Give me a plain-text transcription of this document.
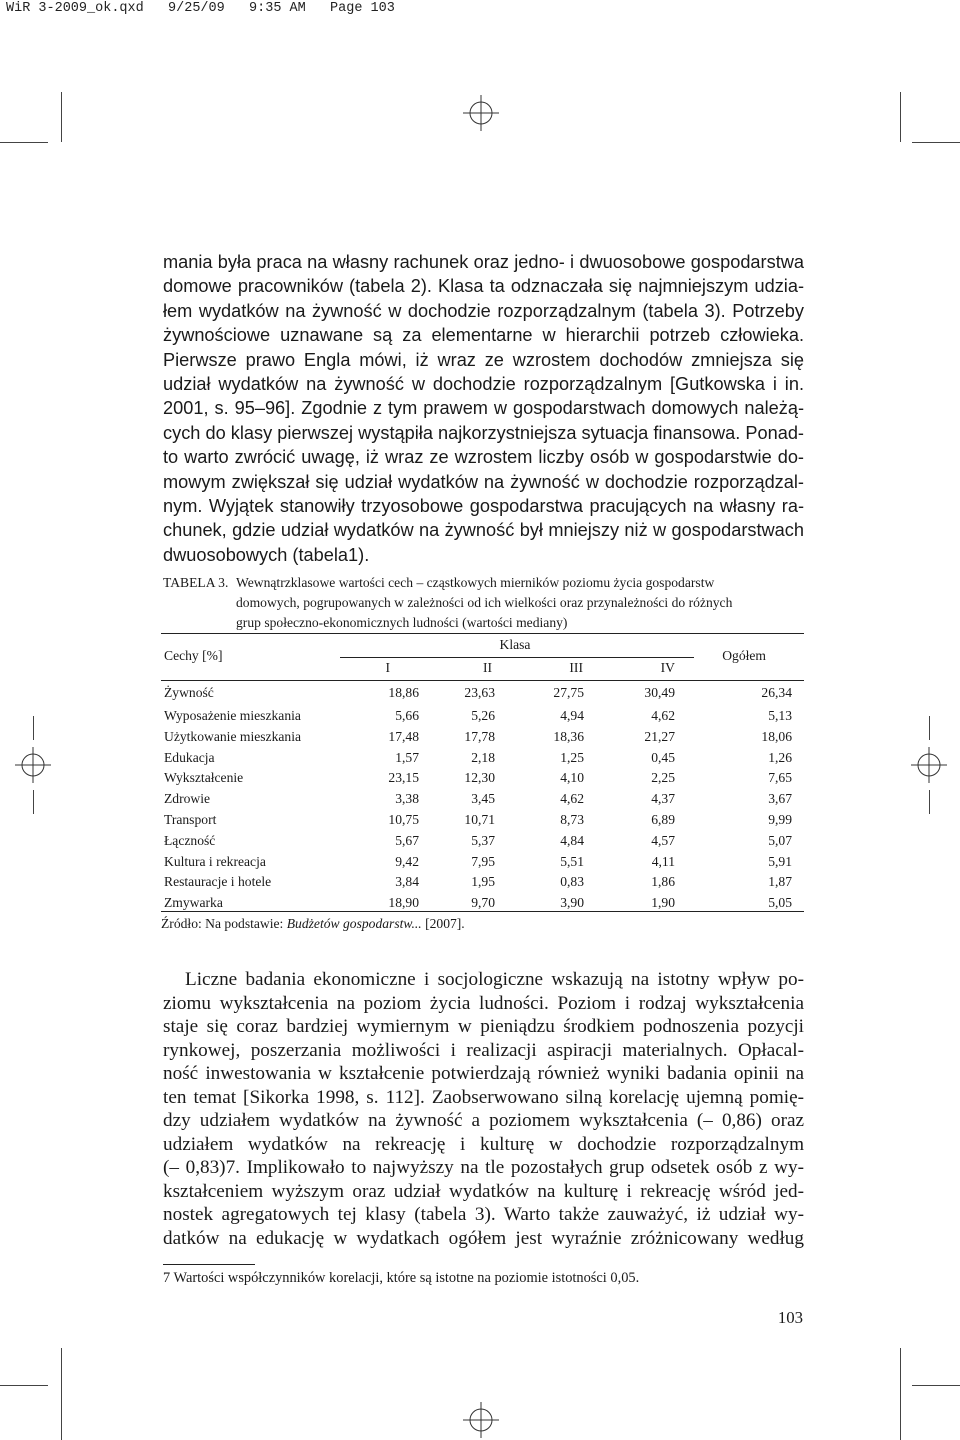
WiR 3-2009_ok.qxd   9/25/09   9:35 AM   Page 103
mania była praca na własny rachunek oraz jedno- i dwuosobowe gospodarstwa
domowe pracowników (tabela 2). Klasa ta odznaczała się najmniejszym udzia-
łem wydatków na żywność w dochodzie rozporządzalnym (tabela 3). Potrzeby
żywnościowe uznawane są za elementarne w hierarchii potrzeb człowieka.
Pierwsze prawo Engla mówi, iż wraz ze wzrostem dochodów zmniejsza się
udział wydatków na żywność w dochodzie rozporządzalnym [Gutkowska i in.
2001, s. 95–96]. Zgodnie z tym prawem w gospodarstwach domowych należą-
cych do klasy pierwszej wystąpiła najkorzystniejsza sytuacja finansowa. Ponad-
to warto zwrócić uwagę, iż wraz ze wzrostem liczby osób w gospodarstwie do-
mowym zwiększał się udział wydatków na żywność w dochodzie rozporządzal-
nym. Wyjątek stanowiły trzyosobowe gospodarstwa pracujących na własny ra-
chunek, gdzie udział wydatków na żywność był mniejszy niż w gospodarstwach
dwuosobowych (tabela1).
TABELA 3. Wewnątrzklasowe wartości cech – cząstkowych mierników poziomu życia gospodarstw
domowych, pogrupowanych w zależności od ich wielkości oraz przynależności do różnych
grup społeczno-ekonomicznych ludności (wartości mediany)
Cechy [%]	Klasa				Ogółem
	I	II	III	IV	
Żywność	18,86	23,63	27,75	30,49	26,34
Wyposażenie mieszkania	5,66	5,26	4,94	4,62	5,13
Użytkowanie mieszkania	17,48	17,78	18,36	21,27	18,06
Edukacja	1,57	2,18	1,25	0,45	1,26
Wykształcenie	23,15	12,30	4,10	2,25	7,65
Zdrowie	3,38	3,45	4,62	4,37	3,67
Transport	10,75	10,71	8,73	6,89	9,99
Łączność	5,67	5,37	4,84	4,57	5,07
Kultura i rekreacja	9,42	7,95	5,51	4,11	5,91
Restauracje i hotele	3,84	1,95	0,83	1,86	1,87
Zmywarka	18,90	9,70	3,90	1,90	5,05
Źródło: Na podstawie: Budżetów gospodarstw... [2007].
Liczne badania ekonomiczne i socjologiczne wskazują na istotny wpływ po-
ziomu wykształcenia na poziom życia ludności. Poziom i rodzaj wykształcenia
staje się coraz bardziej wymiernym w pieniądzu środkiem podnoszenia pozycji
rynkowej, poszerzania możliwości i realizacji aspiracji materialnych. Opłacal-
ność inwestowania w kształcenie potwierdzają również wyniki badania opinii na
ten temat [Sikorka 1998, s. 112]. Zaobserwowano silną korelację ujemną pomię-
dzy udziałem wydatków na żywność a poziomem wykształcenia (– 0,86) oraz
udziałem wydatków na rekreację i kulturę w dochodzie rozporządzalnym
(– 0,83)7. Implikowało to najwyższy na tle pozostałych grup odsetek osób z wy-
kształceniem wyższym oraz udział wydatków na kulturę i rekreację wśród jed-
nostek agregatowych tej klasy (tabela 3). Warto także zauważyć, iż udział wy-
datków na edukację w wydatkach ogółem jest wyraźnie zróżnicowany według
7 Wartości współczynników korelacji, które są istotne na poziomie istotności 0,05.
103
